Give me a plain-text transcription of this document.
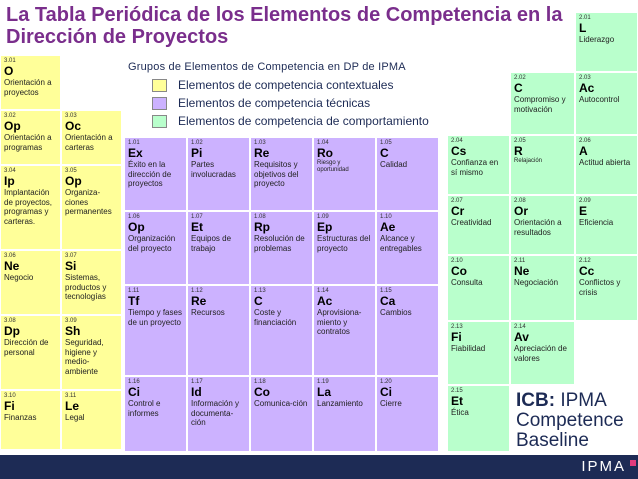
La Tabla Periódica de los Elementos de Competencia en la Dirección de Proyectos
Grupos de Elementos de Competencia en DP de IPMA
Elementos de competencia contextuales
Elementos de competencia técnicas
Elementos de competencia de comportamiento
3.01
O
Orientación a proyectos
3.02
Op
Orientación a programas
3.03
Oc
Orientación a carteras
3.04
Ip
Implantación de proyectos, programas y carteras.
3.05
Op
Organiza-ciones permanentes
3.06
Ne
Negocio
3.07
Si
Sistemas, productos y tecnologías
3.08
Dp
Dirección de personal
3.09
Sh
Seguridad, higiene y medio-ambiente
3.10
Fi
Finanzas
3.11
Le
Legal
1.01
Ex
Éxito en la dirección de proyectos
1.02
Pi
Partes involucradas
1.03
Re
Requisitos y objetivos del proyecto
1.04
Ro
Riesgo y oportunidad
1.05
C
Calidad
1.06
Op
Organización del proyecto
1.07
Et
Equipos de trabajo
1.08
Rp
Resolución de problemas
1.09
Ep
Estructuras del proyecto
1.10
Ae
Alcance y entregables
1.11
Tf
Tiempo y fases de un proyecto
1.12
Re
Recursos
1.13
C
Coste y financiación
1.14
Ac
Aprovisiona-miento y contratos
1.15
Ca
Cambios
1.16
Ci
Control e informes
1.17
Id
Información y documenta-ción
1.18
Co
Comunica-ción
1.19
La
Lanzamiento
1.20
Ci
Cierre
2.01
L
Liderazgo
2.02
C
Compromiso y motivación
2.03
Ac
Autocontrol
2.04
Cs
Confianza en sí mismo
2.05
R
Relajación
2.06
A
Actitud abierta
2.07
Cr
Creatividad
2.08
Or
Orientación a resultados
2.09
E
Eficiencia
2.10
Co
Consulta
2.11
Ne
Negociación
2.12
Cc
Conflictos y crisis
2.13
Fi
Fiabilidad
2.14
Av
Apreciación de valores
2.15
Et
Ética
ICB: IPMA Competence Baseline
IPMA
